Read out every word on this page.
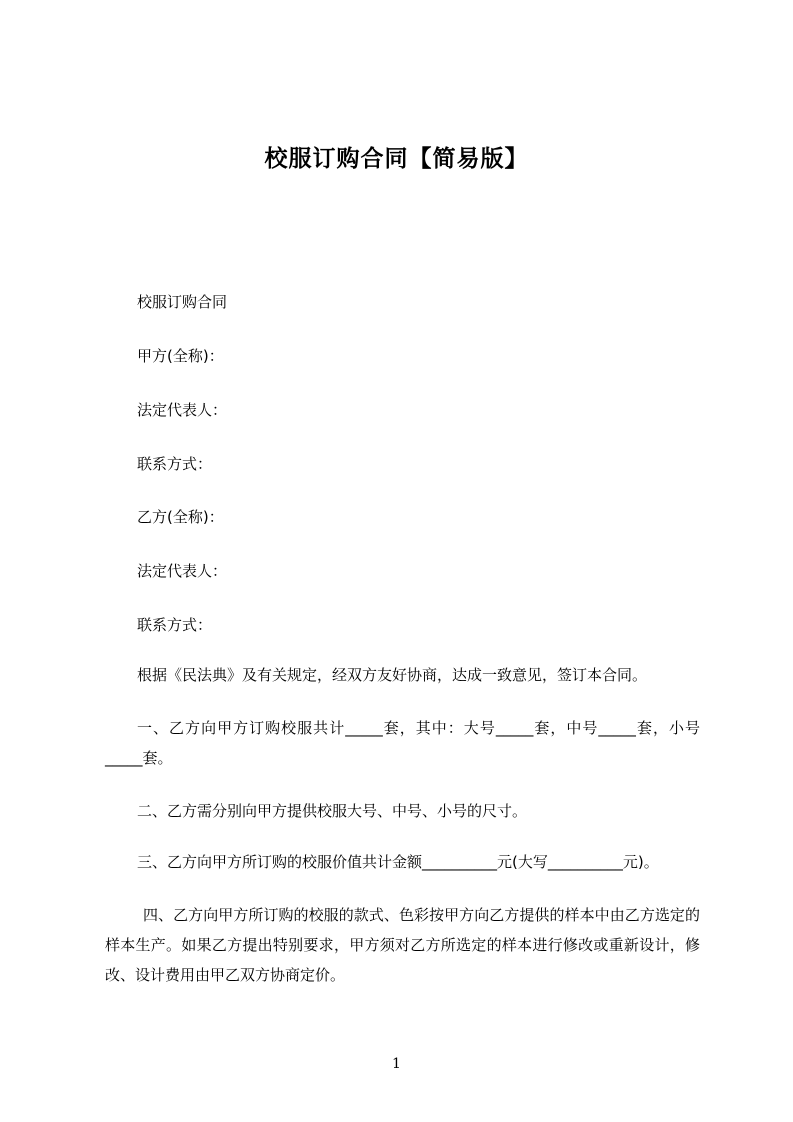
校服订购合同【简易版】
校服订购合同
甲方(全称)：
法定代表人：
联系方式：
乙方(全称)：
法定代表人：
联系方式：
根据《民法典》及有关规定，经双方友好协商，达成一致意见，签订本合同。

一、乙方向甲方订购校服共计_____套，其中：大号_____套，中号_____套，小号_____套。

二、乙方需分别向甲方提供校服大号、中号、小号的尺寸。
三、乙方向甲方所订购的校服价值共计金额__________元(大写__________元)。

四、乙方向甲方所订购的校服的款式、色彩按甲方向乙方提供的样本中由乙方选定的样本生产。如果乙方提出特别要求，甲方须对乙方所选定的样本进行修改或重新设计，修改、设计费用由甲乙双方协商定价。

1
